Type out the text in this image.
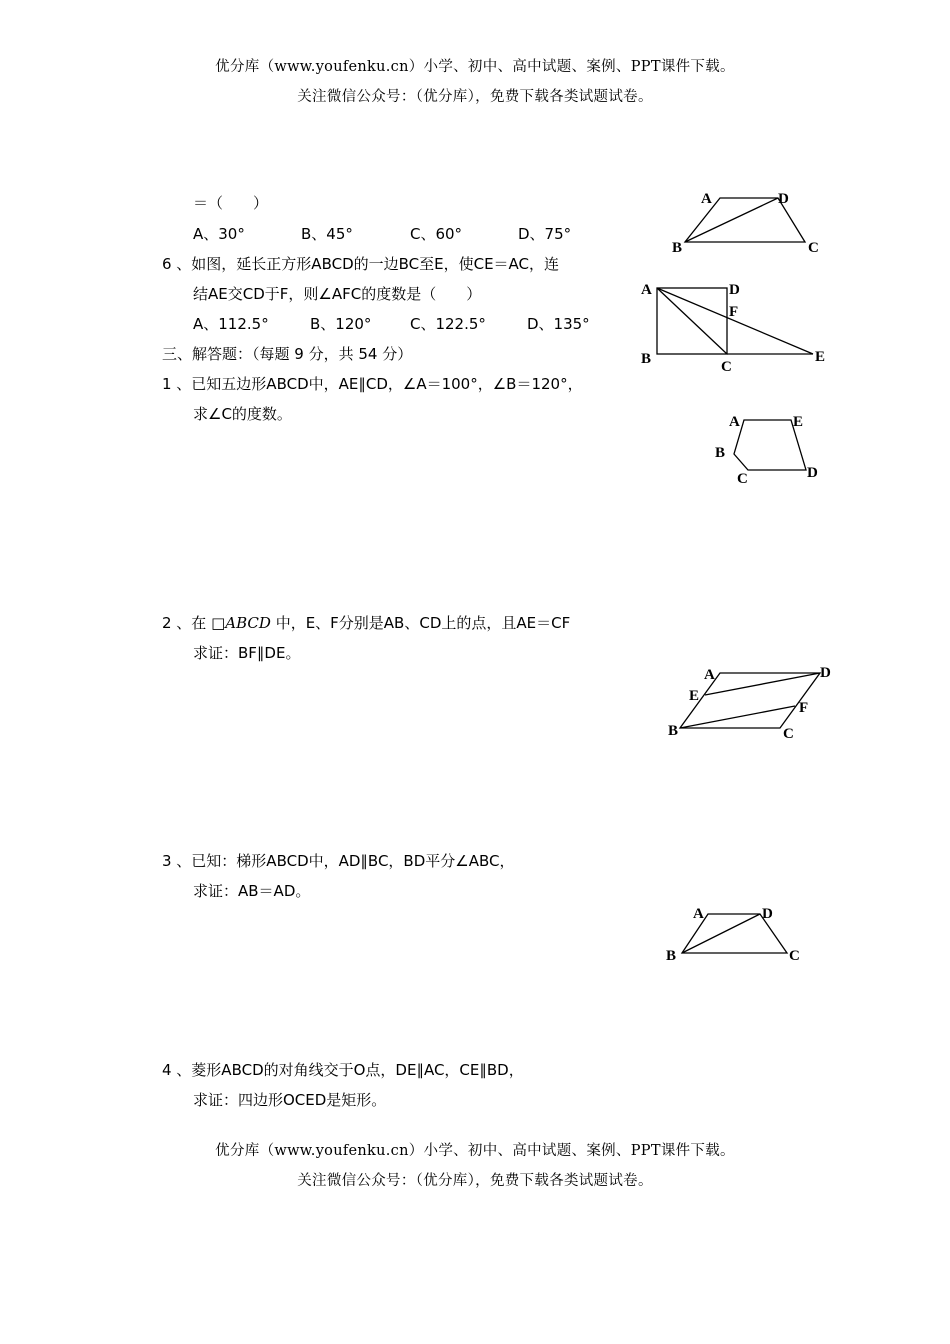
优分库（www.youfenku.cn）小学、初中、高中试题、案例、PPT课件下载。
关注微信公众号：（优分库），免费下载各类试题试卷。
＝（　　）
A、30°	B、45°	C、60°	D、75°
6 、如图，延长正方形ABCD的一边BC至E，使CE＝AC，连
结AE交CD于F，则∠AFC的度数是（　　）
A、112.5°	B、120°	C、122.5°	D、135°
三、解答题：（每题 9 分，共 54 分）
1 、已知五边形ABCD中，AE∥CD，∠A＝100°，∠B＝120°，
求∠C的度数。
2 、在 □ABCD 中，E、F分别是AB、CD上的点，且AE＝CF
求证：BF∥DE。
3 、已知：梯形ABCD中，AD∥BC，BD平分∠ABC，
求证：AB＝AD。
4 、菱形ABCD的对角线交于O点，DE∥AC，CE∥BD，
求证：四边形OCED是矩形。
优分库（www.youfenku.cn）小学、初中、高中试题、案例、PPT课件下载。
关注微信公众号：（优分库），免费下载各类试题试卷。
A	D
B	C
A	D
F
B	C
E
A	E
B
C	D
A	D
E
F
B	C
A	D
B	C
